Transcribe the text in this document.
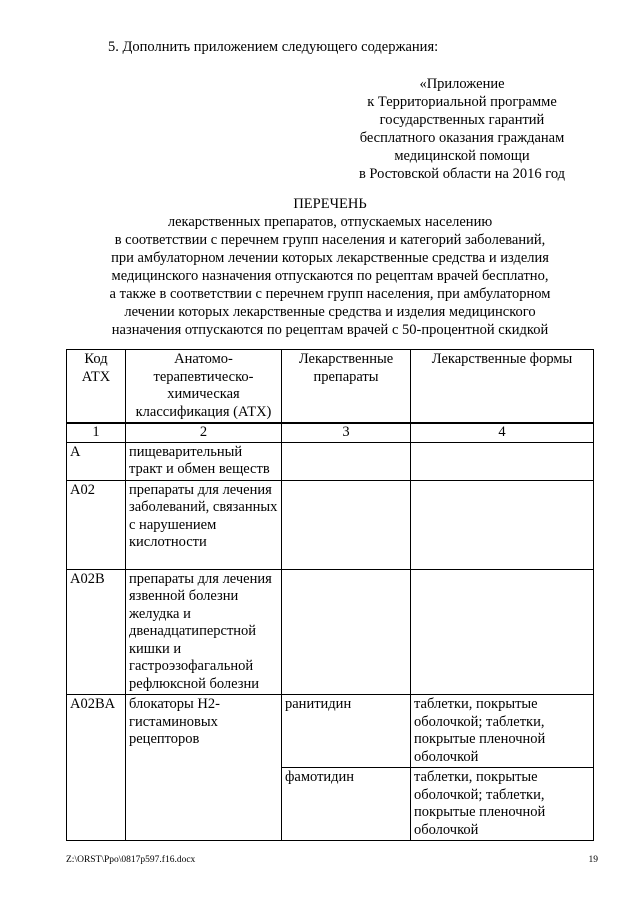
5. Дополнить приложением следующего содержания:
«Приложение
к Территориальной программе
государственных гарантий
бесплатного оказания гражданам
медицинской помощи
в Ростовской области на 2016 год
ПЕРЕЧЕНЬ
лекарственных препаратов, отпускаемых населению
в соответствии с перечнем групп населения и категорий заболеваний,
при амбулаторном лечении которых лекарственные средства и изделия
медицинского назначения отпускаются по рецептам врачей бесплатно,
а также в соответствии с перечнем групп населения, при амбулаторном
лечении которых лекарственные средства и изделия медицинского
назначения отпускаются по рецептам врачей с 50-процентной скидкой
Код АТХ	Анатомо-терапевтическо-химическая классификация (АТХ)	Лекарственные препараты	Лекарственные формы
1	2	3	4
A	пищеварительный тракт и обмен веществ		
A02	препараты для лечения заболеваний, связанных с нарушением кислотности		
A02B	препараты для лечения язвенной болезни желудка и двенадцатиперстной кишки и гастроэзофагальной рефлюксной болезни		
A02BA	блокаторы H2-гистаминовых рецепторов	ранитидин	таблетки, покрытые оболочкой; таблетки, покрытые пленочной оболочкой
		фамотидин	таблетки, покрытые оболочкой; таблетки, покрытые пленочной оболочкой
Z:\ORST\Ppo\0817p597.f16.docx	19
